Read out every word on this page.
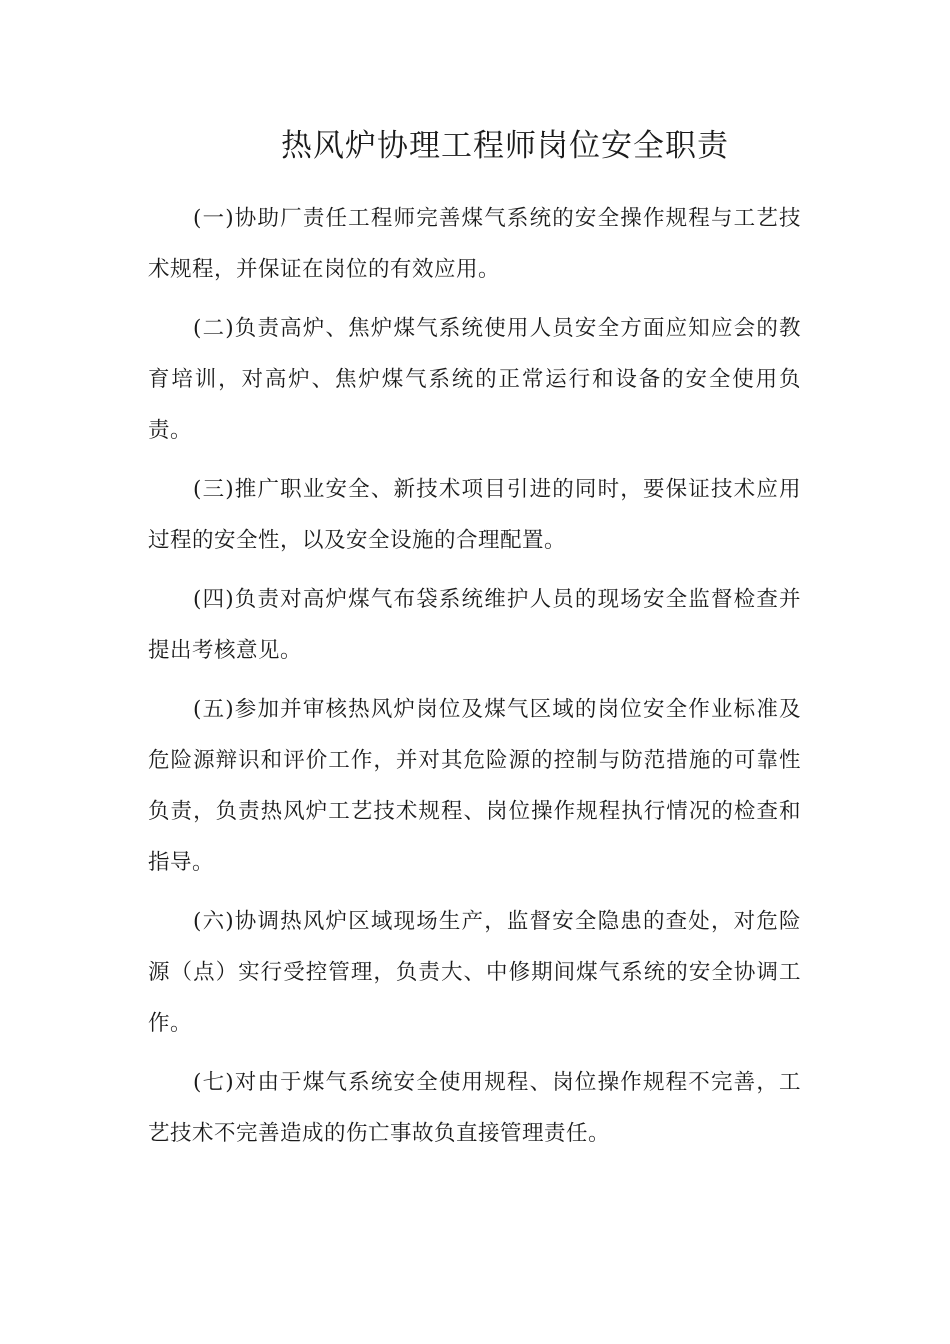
热风炉协理工程师岗位安全职责

(一)协助厂责任工程师完善煤气系统的安全操作规程与工艺技术规程，并保证在岗位的有效应用。

(二)负责高炉、焦炉煤气系统使用人员安全方面应知应会的教育培训，对高炉、焦炉煤气系统的正常运行和设备的安全使用负责。

(三)推广职业安全、新技术项目引进的同时，要保证技术应用过程的安全性，以及安全设施的合理配置。

(四)负责对高炉煤气布袋系统维护人员的现场安全监督检查并提出考核意见。

(五)参加并审核热风炉岗位及煤气区域的岗位安全作业标准及危险源辩识和评价工作，并对其危险源的控制与防范措施的可靠性负责，负责热风炉工艺技术规程、岗位操作规程执行情况的检查和指导。

(六)协调热风炉区域现场生产，监督安全隐患的查处，对危险源（点）实行受控管理，负责大、中修期间煤气系统的安全协调工作。

(七)对由于煤气系统安全使用规程、岗位操作规程不完善，工艺技术不完善造成的伤亡事故负直接管理责任。
